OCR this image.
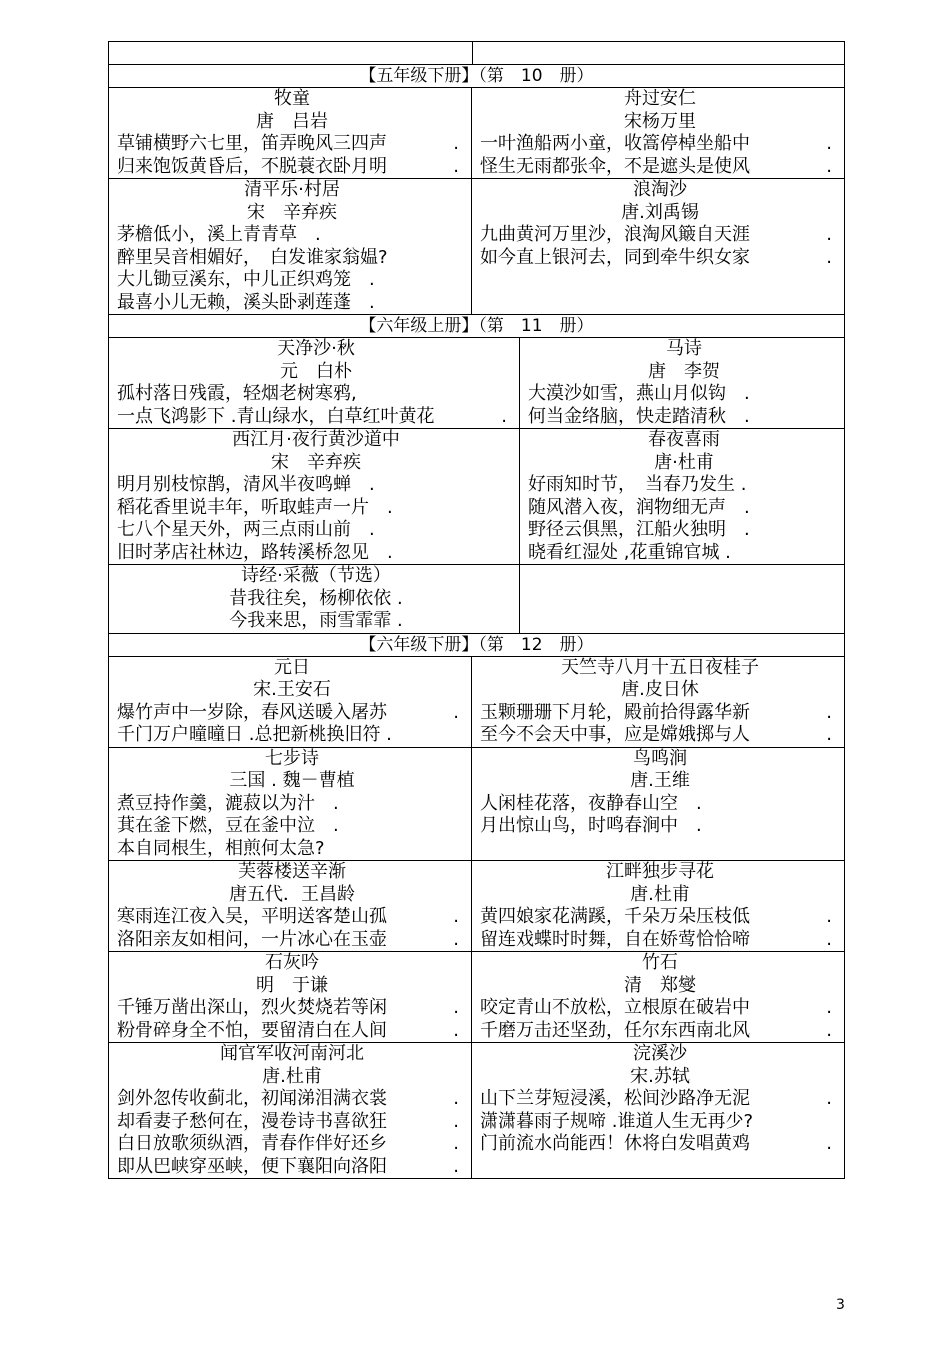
【五年级下册】（第　10　册）
牧童
唐　吕岩
草铺横野六七里，笛弄晚风三四声	.
归来饱饭黄昏后，不脱蓑衣卧月明	.
舟过安仁
宋杨万里
一叶渔船两小童，收篙停棹坐船中	.
怪生无雨都张伞，不是遮头是使风	.
清平乐·村居
宋　辛弃疾
茅檐低小，溪上青青草　.
醉里吴音相媚好，　白发谁家翁媪?
大儿锄豆溪东，中儿正织鸡笼　.
最喜小儿无赖，溪头卧剥莲蓬　.
浪淘沙
唐.刘禹锡
九曲黄河万里沙，浪淘风簸自天涯	.
如今直上银河去，同到牵牛织女家	.
【六年级上册】（第　11　册）
天净沙·秋
元　白朴
孤村落日残霞，轻烟老树寒鸦,
一点飞鸿影下 .青山绿水，白草红叶黄花	.
马诗
唐　李贺
大漠沙如雪，燕山月似钩　.
何当金络脑，快走踏清秋　.
西江月·夜行黄沙道中
宋　辛弃疾
明月别枝惊鹊，清风半夜鸣蝉　.
稻花香里说丰年，听取蛙声一片　.
七八个星天外，两三点雨山前　.
旧时茅店社林边，路转溪桥忽见　.
春夜喜雨
唐·杜甫
好雨知时节，　当春乃发生 .
随风潜入夜，润物细无声　.
野径云俱黑，江船火独明　.
晓看红湿处 ,花重锦官城 .
诗经·采薇（节选）
昔我往矣，杨柳依依 .
今我来思，雨雪霏霏 .
【六年级下册】（第　12　册）
元日
宋.王安石
爆竹声中一岁除，春风送暖入屠苏	.
千门万户曈曈日 .总把新桃换旧符 .
天竺寺八月十五日夜桂子
唐.皮日休
玉颗珊珊下月轮，殿前拾得露华新	.
至今不会天中事，应是嫦娥掷与人	.
七步诗
三国 . 魏－曹植
煮豆持作羹，漉菽以为汁　.
萁在釜下燃，豆在釜中泣　.
本自同根生，相煎何太急?
鸟鸣涧
唐.王维
人闲桂花落，夜静春山空　.
月出惊山鸟，时鸣春涧中　.
芙蓉楼送辛渐
唐五代．王昌龄
寒雨连江夜入吴，平明送客楚山孤	.
洛阳亲友如相问，一片冰心在玉壶	.
江畔独步寻花
唐.杜甫
黄四娘家花满蹊，千朵万朵压枝低	.
留连戏蝶时时舞，自在娇莺恰恰啼	.
石灰吟
明　于谦
千锤万凿出深山，烈火焚烧若等闲	.
粉骨碎身全不怕，要留清白在人间	.
竹石
清　郑燮
咬定青山不放松，立根原在破岩中	.
千磨万击还坚劲，任尔东西南北风	.
闻官军收河南河北
唐.杜甫
剑外忽传收蓟北，初闻涕泪满衣裳	.
却看妻子愁何在，漫卷诗书喜欲狂	.
白日放歌须纵酒，青春作伴好还乡	.
即从巴峡穿巫峡，便下襄阳向洛阳	.
浣溪沙
宋.苏轼
山下兰芽短浸溪，松间沙路净无泥	.
潇潇暮雨子规啼 .谁道人生无再少?
门前流水尚能西！休将白发唱黄鸡	.
3
